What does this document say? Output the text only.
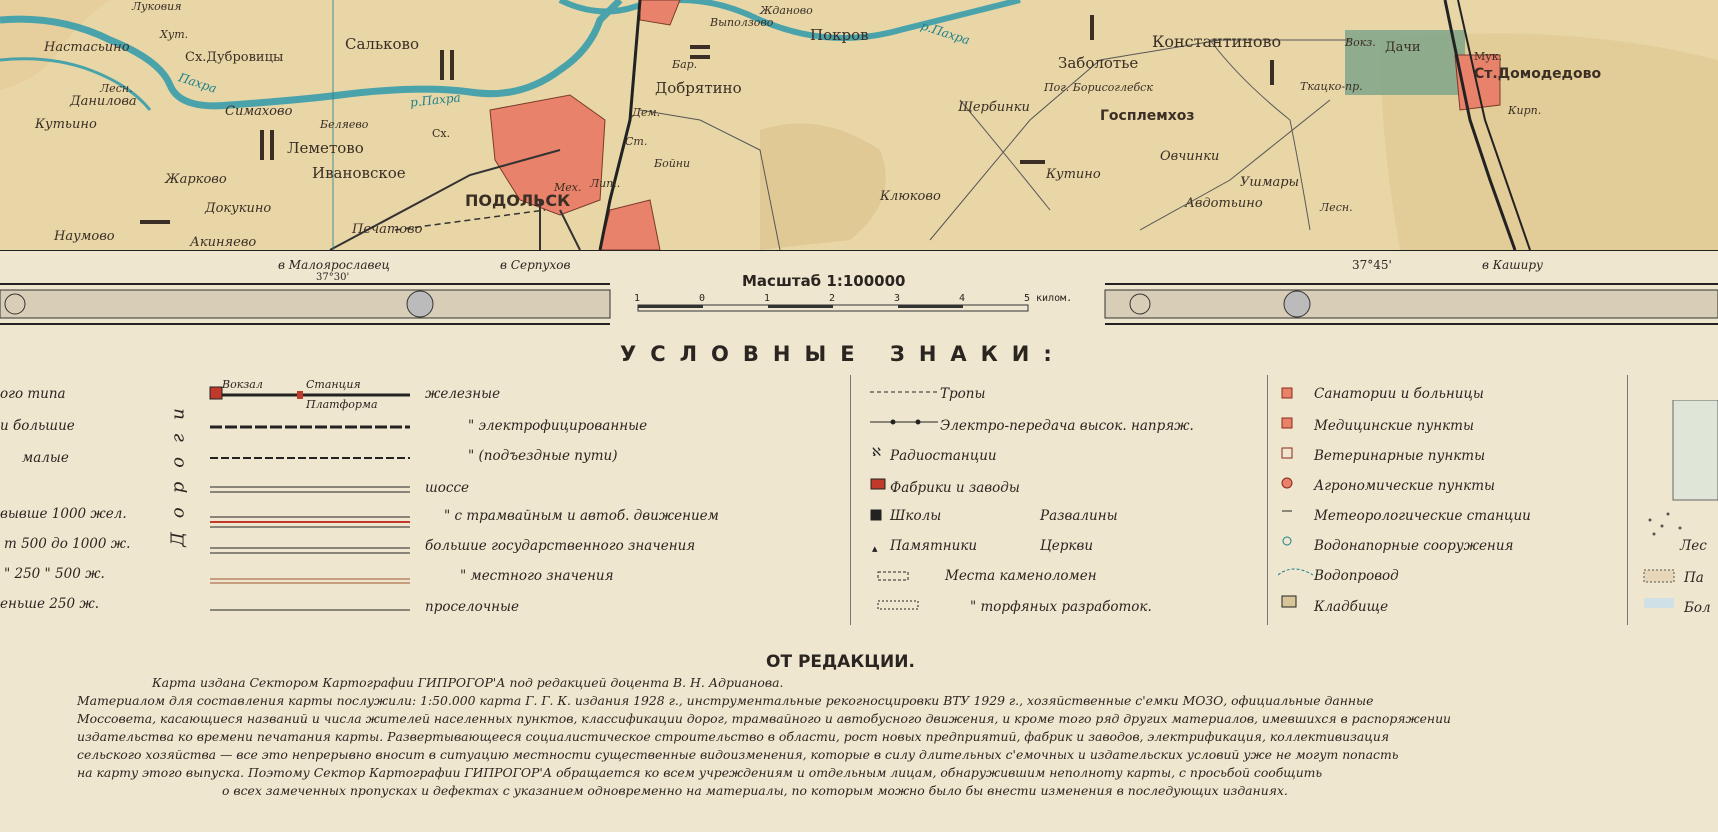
Луковия
Хут.
Настасьино
Сх.Дубровицы
Сальково
Жданово
Выползово
Покров
Бар.
Добрятино
Дем.
Заболотье
Константиново	Вокз. Дачи
Мук.
Ст.Домодедово
Лесн.
Данилова
Кутьино
Симахово
Беляево
Сх.
Леметово
Ивановское
Жарково
Докукино
Наумово	Акиняево
Печатово
ПОДОЛЬСК
Мех. Лит.
Бойни
Ст.
Клюково
Щербинки
Пог. Борисоглебск
Госплемхоз
Ткацко-пр.
Кирп.
Овчинки
Кутино
Ушмары
Авдотьино	Лесн.
Пахра
р.Пахра
р.Пахра
в Малоярославец
37°30'
в Серпухов	37°45'	в Каширу
Масштаб 1:100000
1	0	1	2	3	4	5 килом.
УСЛОВНЫЕ ЗНАКИ:
ого типа
и большие
малые
вывше 1000 жел.
т 500 до 1000 ж.
" 250 " 500 ж.
еньше 250 ж.
Дороги
Вокзал	Станция
Платформа
железные
" электрофицированные
" (подъездные пути)
шоссе
" с трамвайным и автоб. движением
большие государственного значения
" местного значения
проселочные
ℵ
▴
Тропы
Электро-передача высок. напряж.
Радиостанции
Фабрики и заводы
Школы	Развалины
Памятники	Церкви
Места каменоломен
" торфяных разработок.
Санатории и больницы
Медицинские пункты
Ветеринарные пункты
Агрономические пункты
Метеорологические станции
Водонапорные сооружения
Водопровод
Кладбище
Лес
Па
Бол
ОТ РЕДАКЦИИ.
Карта издана Сектором Картографии ГИПРОГОР'А под редакцией доцента В. Н. Адрианова.
Материалом для составления карты послужили: 1:50.000 карта Г. Г. К. издания 1928 г., инструментальные рекогносцировки ВТУ 1929 г., хозяйственные с'емки МОЗО, официальные данные
Моссовета, касающиеся названий и числа жителей населенных пунктов, классификации дорог, трамвайного и автобусного движения, и кроме того ряд других материалов, имевшихся в распоряжении
издательства ко времени печатания карты. Развертывающееся социалистическое строительство в области, рост новых предприятий, фабрик и заводов, электрификация, коллективизация
сельского хозяйства — все это непрерывно вносит в ситуацию местности существенные видоизменения, которые в силу длительных с'емочных и издательских условий уже не могут попасть
на карту этого выпуска. Поэтому Сектор Картографии ГИПРОГОР'А обращается ко всем учреждениям и отдельным лицам, обнаружившим неполноту карты, с просьбой сообщить
о всех замеченных пропусках и дефектах с указанием одновременно на материалы, по которым можно было бы внести изменения в последующих изданиях.
